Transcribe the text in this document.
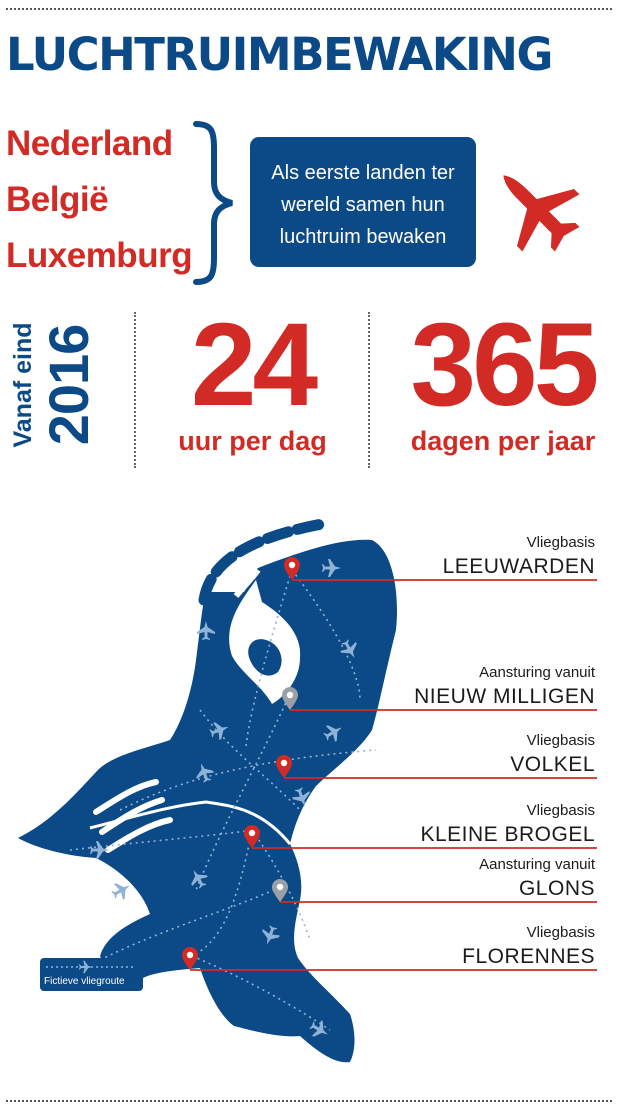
LUCHTRUIMBEWAKING
Nederland
België
Luxemburg
Als eerste landen ter
wereld samen hun
luchtruim bewaken
Vanaf eind 2016 24
uur per dag
365
dagen per jaar
Vliegbasis
LEEUWARDEN
Aansturing vanuit
NIEUW MILLIGEN
Vliegbasis
VOLKEL
Vliegbasis
KLEINE BROGEL
Aansturing vanuit
GLONS
Vliegbasis
FLORENNES
Fictieve vliegroute
